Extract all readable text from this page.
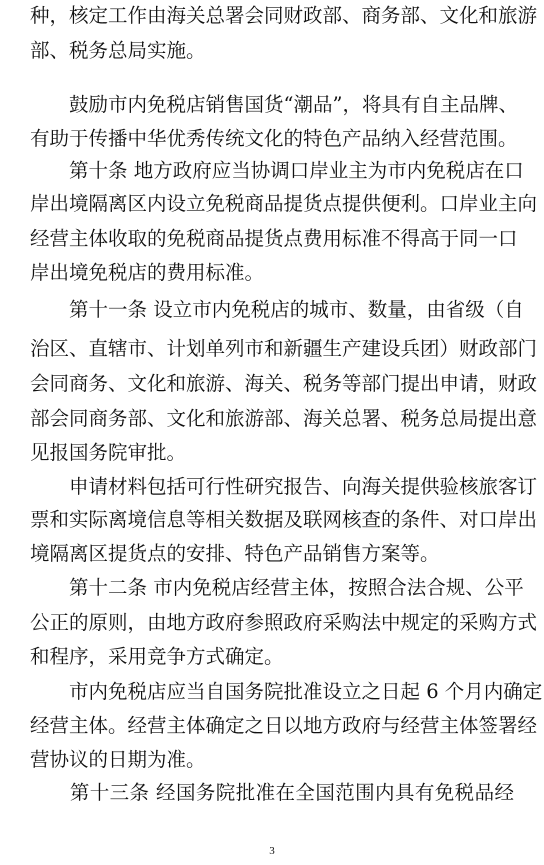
种，核定工作由海关总署会同财政部、商务部、文化和旅游
部、税务总局实施。
　　鼓励市内免税店销售国货“潮品”，将具有自主品牌、
有助于传播中华优秀传统文化的特色产品纳入经营范围。
　　第十条 地方政府应当协调口岸业主为市内免税店在口
岸出境隔离区内设立免税商品提货点提供便利。口岸业主向
经营主体收取的免税商品提货点费用标准不得高于同一口
岸出境免税店的费用标准。
　　第十一条 设立市内免税店的城市、数量，由省级（自
治区、直辖市、计划单列市和新疆生产建设兵团）财政部门
会同商务、文化和旅游、海关、税务等部门提出申请，财政
部会同商务部、文化和旅游部、海关总署、税务总局提出意
见报国务院审批。
　　申请材料包括可行性研究报告、向海关提供验核旅客订
票和实际离境信息等相关数据及联网核查的条件、对口岸出
境隔离区提货点的安排、特色产品销售方案等。
　　第十二条 市内免税店经营主体，按照合法合规、公平
公正的原则，由地方政府参照政府采购法中规定的采购方式
和程序，采用竞争方式确定。
　　市内免税店应当自国务院批准设立之日起 6 个月内确定
经营主体。经营主体确定之日以地方政府与经营主体签署经
营协议的日期为准。
　　第十三条 经国务院批准在全国范围内具有免税品经
3
